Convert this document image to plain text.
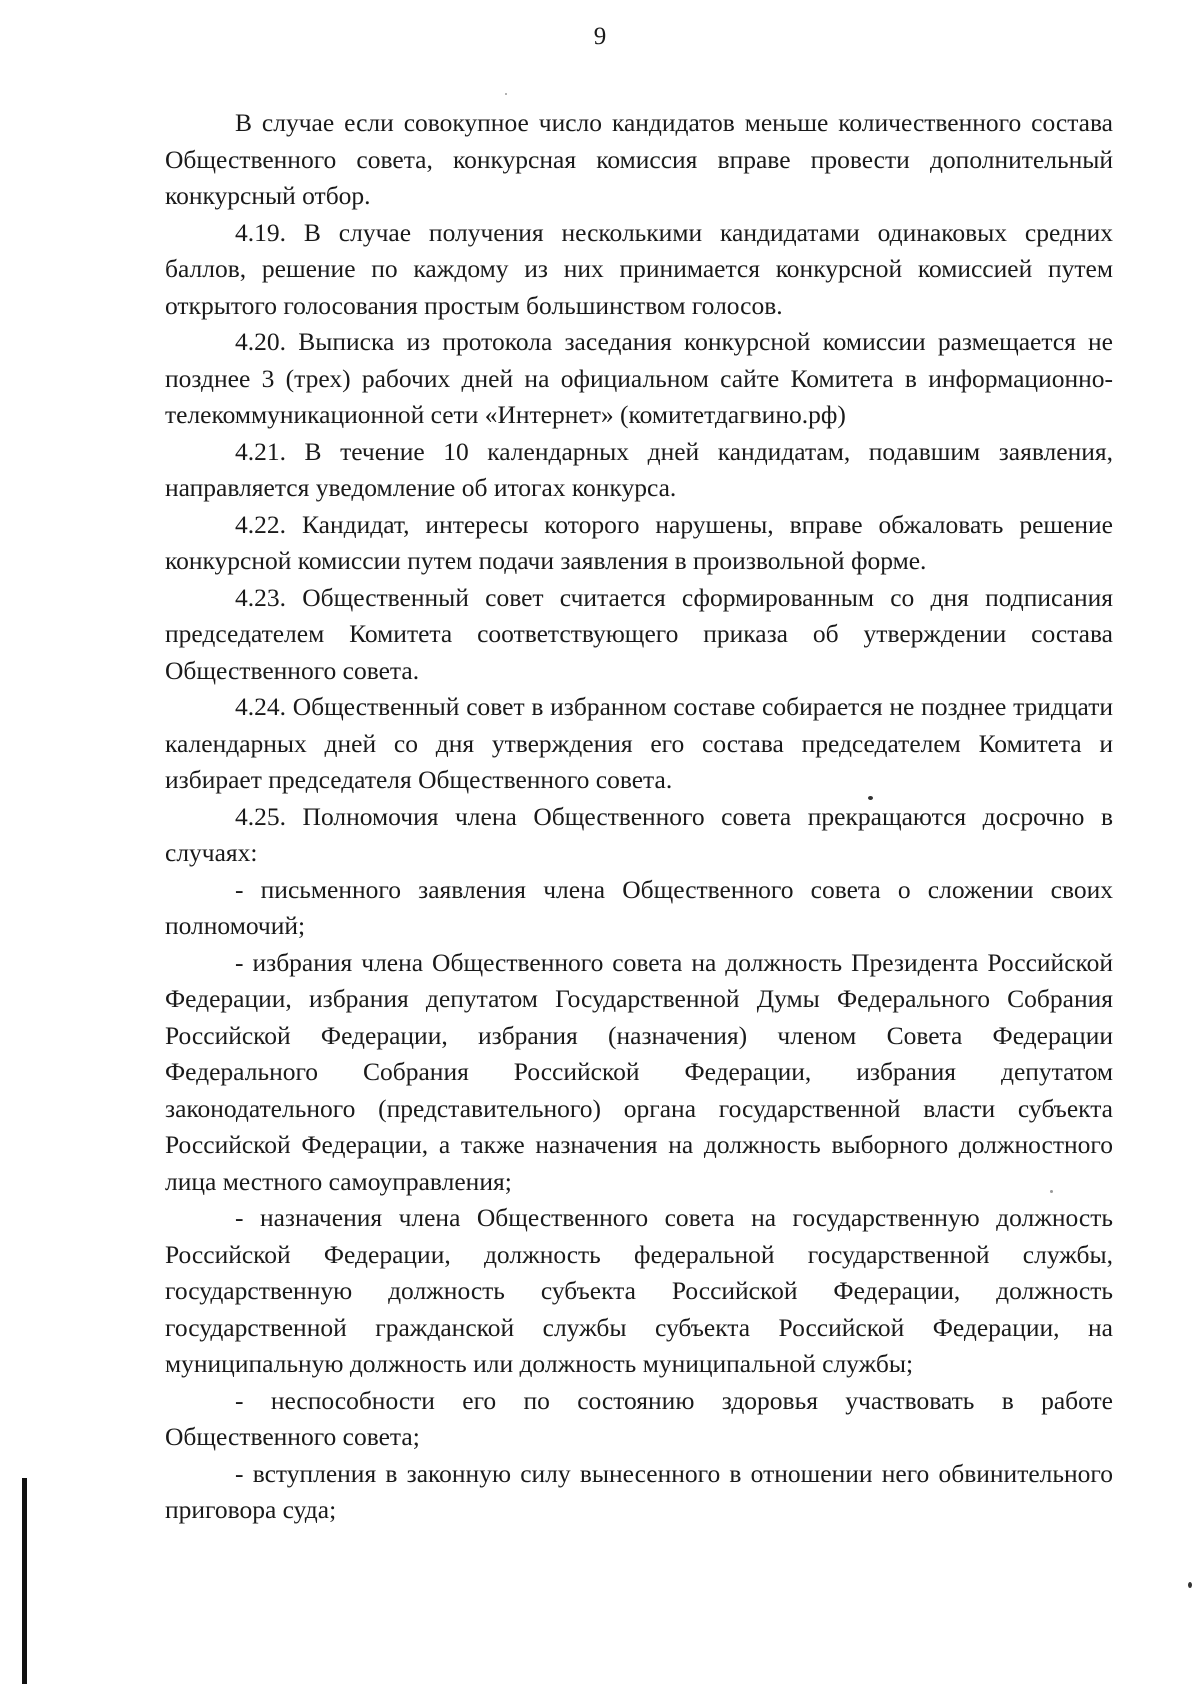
9

В случае если совокупное число кандидатов меньше количественного состава Общественного совета, конкурсная комиссия вправе провести дополнительный конкурсный отбор.

4.19. В случае получения несколькими кандидатами одинаковых средних баллов, решение по каждому из них принимается конкурсной комиссией путем открытого голосования простым большинством голосов.

4.20. Выписка из протокола заседания конкурсной комиссии размещается не позднее 3 (трех) рабочих дней на официальном сайте Комитета в информационно-телекоммуникационной сети «Интернет» (комитетдагвино.рф)

4.21. В течение 10 календарных дней кандидатам, подавшим заявления, направляется уведомление об итогах конкурса.

4.22. Кандидат, интересы которого нарушены, вправе обжаловать решение конкурсной комиссии путем подачи заявления в произвольной форме.

4.23. Общественный совет считается сформированным со дня подписания председателем Комитета соответствующего приказа об утверждении состава Общественного совета.

4.24. Общественный совет в избранном составе собирается не позднее тридцати календарных дней со дня утверждения его состава председателем Комитета и избирает председателя Общественного совета.

4.25. Полномочия члена Общественного совета прекращаются досрочно в случаях:

- письменного заявления члена Общественного совета о сложении своих полномочий;

- избрания члена Общественного совета на должность Президента Российской Федерации, избрания депутатом Государственной Думы Федерального Собрания Российской Федерации, избрания (назначения) членом Совета Федерации Федерального Собрания Российской Федерации, избрания депутатом законодательного (представительного) органа государственной власти субъекта Российской Федерации, а также назначения на должность выборного должностного лица местного самоуправления;

- назначения члена Общественного совета на государственную должность Российской Федерации, должность федеральной государственной службы, государственную должность субъекта Российской Федерации, должность государственной гражданской службы субъекта Российской Федерации, на муниципальную должность или должность муниципальной службы;

- неспособности его по состоянию здоровья участвовать в работе Общественного совета;

- вступления в законную силу вынесенного в отношении него обвинительного приговора суда;
